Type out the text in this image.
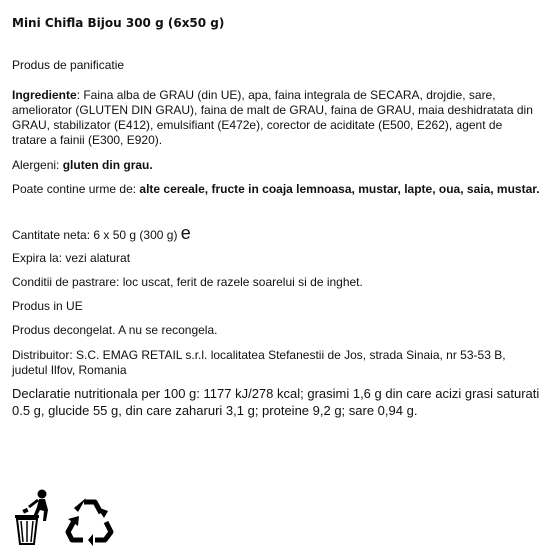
Mini Chifla Bijou 300 g (6x50 g)
Produs de panificatie
Ingrediente: Faina alba de GRAU (din UE), apa, faina integrala de SECARA, drojdie, sare, ameliorator (GLUTEN DIN GRAU), faina de malt de GRAU, faina de GRAU, maia deshidratata din GRAU, stabilizator (E412), emulsifiant (E472e), corector de aciditate (E500, E262), agent de tratare a fainii (E300, E920).
Alergeni: gluten din grau.
Poate contine urme de: alte cereale, fructe in coaja lemnoasa, mustar, lapte, oua, saia, mustar.
Cantitate neta: 6 x 50 g (300 g) e
Expira la: vezi alaturat
Conditii de pastrare: loc uscat, ferit de razele soarelui si de inghet.
Produs in UE
Produs decongelat. A nu se recongela.
Distribuitor: S.C. EMAG RETAIL s.r.l. localitatea Stefanestii de Jos, strada Sinaia, nr 53-53 B, judetul Ilfov, Romania
Declaratie nutritionala per 100 g: 1177 kJ/278 kcal; grasimi 1,6 g din care acizi grasi saturati 0.5 g, glucide 55 g, din care zaharuri 3,1 g; proteine 9,2 g; sare 0,94 g.
